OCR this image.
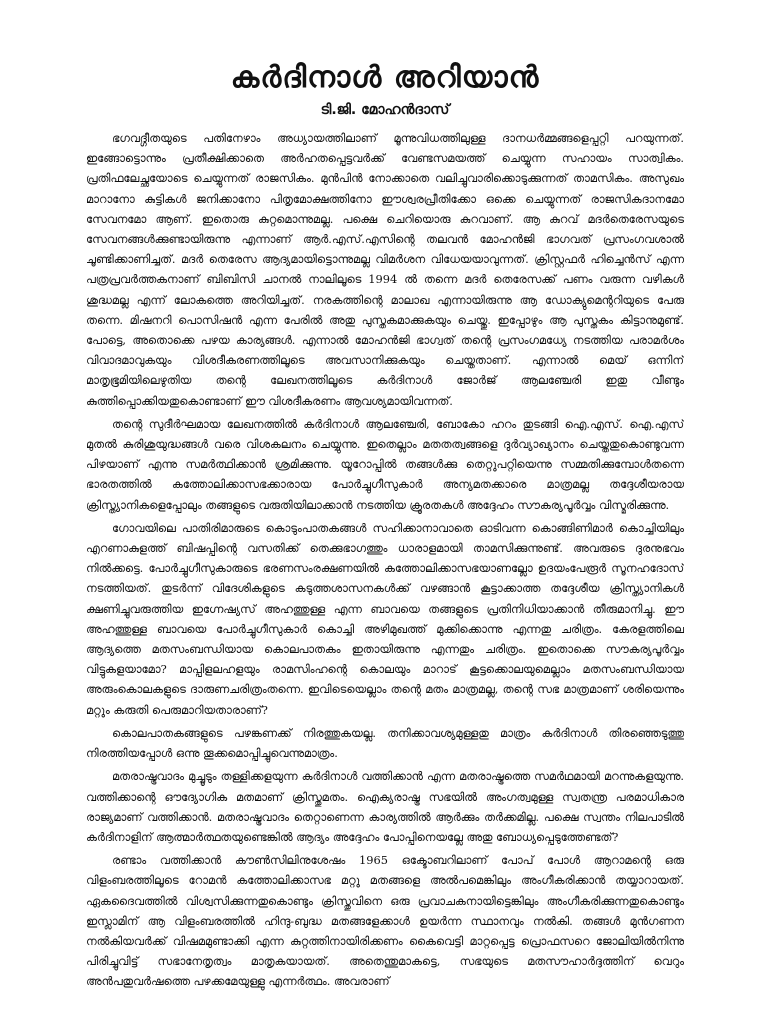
കർദിനാൾ അറിയാൻ
ടി.ജി. മോഹൻദാസ്

ഭഗവദ്ഗീതയുടെ പതിനേഴാം അധ്യായത്തിലാണ് മൂന്നുവിധത്തിലുള്ള ദാനധർമ്മങ്ങളെപ്പറ്റി പറയുന്നത്. ഇങ്ങോട്ടൊന്നും പ്രതീക്ഷിക്കാതെ അർഹതപ്പെട്ടവർക്ക് വേണ്ടസമയത്ത് ചെയ്യുന്ന സഹായം സാത്വികം. പ്രതിഫലേച്ഛയോടെ ചെയ്യുന്നത് രാജസികം. മുൻപിൻ നോക്കാതെ വലിച്ചുവാരിക്കൊടുക്കുന്നത് താമസികം. അസുഖം മാറാനോ കുട്ടികൾ ജനിക്കാനോ പിതൃമോക്ഷത്തിനോ ഈശ്വരപ്രീതിക്കോ ഒക്കെ ചെയ്യുന്നത് രാജസികദാനമോ സേവനമോ ആണ്. ഇതൊരു കുറ്റമൊന്നുമല്ല. പക്ഷെ ചെറിയൊരു കുറവാണ്. ആ കുറവ് മദർതെരേസയുടെ സേവനങ്ങൾക്കുണ്ടായിരുന്നു എന്നാണ് ആർ.എസ്.എസിന്റെ തലവൻ മോഹൻജി ഭാഗവത് പ്രസംഗവശാൽ ചൂണ്ടിക്കാണിച്ചത്. മദർ തെരേസ ആദ്യമായിട്ടൊന്നുമല്ല വിമർശന വിധേയയാവുന്നത്. ക്രിസ്റ്റഫർ ഹിച്ചെൻസ് എന്ന പത്രപ്രവർത്തകനാണ് ബിബിസി ചാനൽ നാലിലൂടെ 1994 ൽ തന്നെ മദർ തെരേസക്ക് പണം വരുന്ന വഴികൾ ശുദ്ധമല്ല എന്ന് ലോകത്തെ അറിയിച്ചത്. നരകത്തിന്റെ മാലാഖ എന്നായിരുന്നു ആ ഡോക്യുമെന്ററിയുടെ പേരു തന്നെ. മിഷനറി പൊസിഷൻ എന്ന പേരിൽ അതു പുസ്തകമാക്കുകയും ചെയ്തു. ഇപ്പോഴും ആ പുസ്തകം കിട്ടാനുമുണ്ട്. പോട്ടെ, അതൊക്കെ പഴയ കാര്യങ്ങൾ. എന്നാൽ മോഹൻജി ഭാഗ്വത് തന്റെ പ്രസംഗമധ്യേ നടത്തിയ പരാമർശം വിവാദമാവുകയും വിശദീകരണത്തിലൂടെ അവസാനിക്കുകയും ചെയ്തതാണ്. എന്നാൽ മെയ് ഒന്നിന് മാതൃഭൂമിയിലെഴുതിയ തന്റെ ലേഖനത്തിലൂടെ കർദിനാൾ ജോർജ് ആലഞ്ചേരി ഇതു വീണ്ടും കുത്തിപ്പൊക്കിയതുകൊണ്ടാണ് ഈ വിശദീകരണം ആവശ്യമായിവന്നത്.

തന്റെ സുദീർഘമായ ലേഖനത്തിൽ കർദിനാൾ ആലഞ്ചേരി, ബോകോ ഹറം തുടങ്ങി ഐ.എസ്. ഐ.എസ് മുതൽ കുരിശുയുദ്ധങ്ങൾ വരെ വിശകലനം ചെയ്യുന്നു. ഇതെല്ലാം മതതത്വങ്ങളെ ദുർവ്യാഖ്യാനം ചെയ്തതുകൊണ്ടുവന്ന പിഴയാണ് എന്നു സമർത്ഥിക്കാൻ ശ്രമിക്കുന്നു. യൂറോപ്പിൽ തങ്ങൾക്കു തെറ്റുപറ്റിയെന്നു സമ്മതിക്കുമ്പോൾതന്നെ ഭാരതത്തിൽ കത്തോലിക്കാസഭക്കാരായ പോർച്ചുഗീസുകാർ അന്യമതക്കാരെ മാത്രമല്ല തദ്ദേശീയരായ ക്രിസ്ത്യാനികളെപ്പോലും തങ്ങളുടെ വരുതിയിലാക്കാൻ നടത്തിയ ക്രൂരതകൾ അദ്ദേഹം സൗകര്യപൂർവ്വം വിസ്മരിക്കുന്നു.

ഗോവയിലെ പാതിരിമാരുടെ കൊടുംപാതകങ്ങൾ സഹിക്കാനാവാതെ ഓടിവന്ന കൊങ്ങിണിമാർ കൊച്ചിയിലും എറണാകുളത്ത് ബിഷപ്പിന്റെ വസതിക്ക് തെക്കുഭാഗത്തും ധാരാളമായി താമസിക്കുന്നുണ്ട്. അവരുടെ ദുരനുഭവം നിൽക്കട്ടെ. പോർച്ചുഗീസുകാരുടെ ഭരണസംരക്ഷണയിൽ കത്തോലിക്കാസഭയാണല്ലോ ഉദയംപേരൂർ സൂനഹദോസ് നടത്തിയത്. തുടർന്ന് വിദേശികളുടെ കടുത്തശാസനകൾക്ക് വഴങ്ങാൻ കൂട്ടാക്കാത്ത തദ്ദേശീയ ക്രിസ്ത്യാനികൾ ക്ഷണിച്ചുവരുത്തിയ ഇഗ്നേഷ്യസ് അഹത്തുള്ള എന്ന ബാവയെ തങ്ങളുടെ പ്രതിനിധിയാക്കാൻ തീരുമാനിച്ചു. ഈ അഹത്തുള്ള ബാവയെ പോർച്ചുഗീസുകാർ കൊച്ചി അഴിമുഖത്ത് മുക്കിക്കൊന്നു എന്നതു ചരിത്രം. കേരളത്തിലെ ആദ്യത്തെ മതസംബന്ധിയായ കൊലപാതകം ഇതായിരുന്നു എന്നതും ചരിത്രം. ഇതൊക്കെ സൗകര്യപൂർവ്വം വിട്ടുകളയാമോ? മാപ്പിളലഹളയും രാമസിംഹന്റെ കൊലയും മാറാട് കൂട്ടക്കൊലയുമെല്ലാം മതസംബന്ധിയായ അരുംകൊലകളുടെ ദാരുണചരിത്രംതന്നെ. ഇവിടെയെല്ലാം തന്റെ മതം മാത്രമല്ല, തന്റെ സഭ മാത്രമാണ് ശരിയെന്നും മറ്റും കരുതി പെരുമാറിയതാരാണ്?

കൊലപാതകങ്ങളുടെ പഴങ്കണക്ക് നിരത്തുകയല്ല. തനിക്കാവശ്യമുള്ളതു മാത്രം കർദിനാൾ തിരഞ്ഞെടുത്തു നിരത്തിയപ്പോൾ ഒന്നു തൂക്കമൊപ്പിച്ചുവെന്നുമാത്രം.

മതരാഷ്ട്രവാദം മുച്ചൂടും തള്ളിക്കളയുന്ന കർദിനാൾ വത്തിക്കാൻ എന്ന മതരാഷ്ട്രത്തെ സമർഥമായി മറന്നുകളയുന്നു. വത്തിക്കാന്റെ ഔദ്യോഗിക മതമാണ് ക്രിസ്തുമതം. ഐക്യരാഷ്ട്ര സഭയിൽ അംഗത്വമുള്ള സ്വതന്ത്ര പരമാധികാര രാജ്യമാണ് വത്തിക്കാൻ. മതരാഷ്ട്രവാദം തെറ്റാണെന്ന കാര്യത്തിൽ ആർക്കും തർക്കമില്ല. പക്ഷെ സ്വന്തം നിലപാടിൽ കർദിനാളിന് ആത്മാർത്ഥതയുണ്ടെങ്കിൽ ആദ്യം അദ്ദേഹം പോപ്പിനെയല്ലേ അതു ബോധ്യപ്പെടുത്തേണ്ടത്?

രണ്ടാം വത്തിക്കാൻ കൗൺസിലിനുശേഷം 1965 ഒക്ടോബറിലാണ് പോപ് പോൾ ആറാമന്റെ ഒരു വിളംബരത്തിലൂടെ റോമൻ കത്തോലിക്കാസഭ മറ്റു മതങ്ങളെ അൽപമെങ്കിലും അംഗീകരിക്കാൻ തയ്യാറായത്. ഏകദൈവത്തിൽ വിശ്വസിക്കുന്നതുകൊണ്ടും ക്രിസ്തുവിനെ ഒരു പ്രവാചകനായിട്ടെങ്കിലും അംഗീകരിക്കുന്നതുകൊണ്ടും ഇസ്ലാമിന് ആ വിളംബരത്തിൽ ഹിന്ദു-ബുദ്ധ മതങ്ങളേക്കാൾ ഉയർന്ന സ്ഥാനവും നൽകി. തങ്ങൾ മുൻഗണന നൽകിയവർക്ക് വിഷമമുണ്ടാക്കി എന്ന കുറ്റത്തിനായിരിക്കണം കൈവെട്ടി മാറ്റപ്പെട്ട പ്രൊഫസറെ ജോലിയിൽനിന്നു പിരിച്ചുവിട്ട് സഭാനേതൃത്വം മാതൃകയായത്. അതെന്തുമാകട്ടെ, സഭയുടെ മതസൗഹാർദ്ദത്തിന് വെറും അൻപതുവർഷത്തെ പഴക്കമേയുള്ളു എന്നർത്ഥം. അവരാണ്
